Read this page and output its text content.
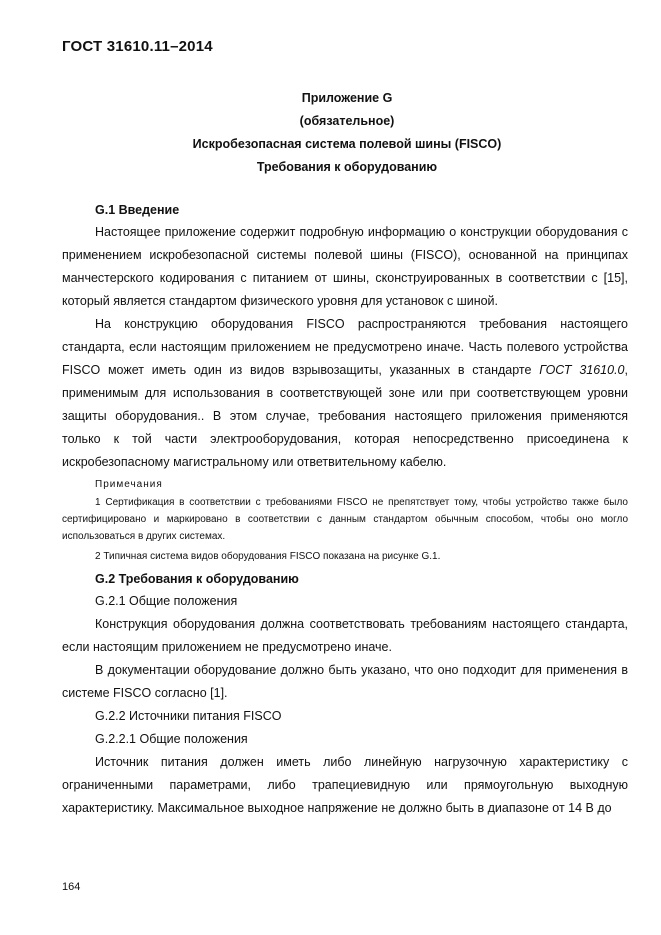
ГОСТ 31610.11–2014
Приложение G
(обязательное)
Искробезопасная система полевой шины (FISCO)
Требования к оборудованию
G.1 Введение

Настоящее приложение содержит подробную информацию о конструкции оборудования с применением искробезопасной системы полевой шины (FISCO), основанной на принципах манчестерского кодирования с питанием от шины, сконструированных в соответствии с [15], который является стандартом физического уровня для установок с шиной.

На конструкцию оборудования FISCO распространяются требования настоящего стандарта, если настоящим приложением не предусмотрено иначе. Часть полевого устройства FISCO может иметь один из видов взрывозащиты, указанных в стандарте ГОСТ 31610.0, применимым для использования в соответствующей зоне или при соответствующем уровни защиты оборудования.. В этом случае, требования настоящего приложения применяются только к той части электрооборудования, которая непосредственно присоединена к искробезопасному магистральному или ответвительному кабелю.

Примечания

1 Сертификация в соответствии с требованиями FISCO не препятствует тому, чтобы устройство также было сертифицировано и маркировано в соответствии с данным стандартом обычным способом, чтобы оно могло использоваться в других системах.

2 Типичная система видов оборудования FISCO показана на рисунке G.1.

G.2 Требования к оборудованию
G.2.1 Общие положения

Конструкция оборудования должна соответствовать требованиям настоящего стандарта, если настоящим приложением не предусмотрено иначе.

В документации оборудование должно быть указано, что оно подходит для применения в системе FISCO согласно [1].

G.2.2 Источники питания FISCO
G.2.2.1 Общие положения

Источник питания должен иметь либо линейную нагрузочную характеристику с ограниченными параметрами, либо трапециевидную или прямоугольную выходную характеристику. Максимальное выходное напряжение не должно быть в диапазоне от 14 В до

164
